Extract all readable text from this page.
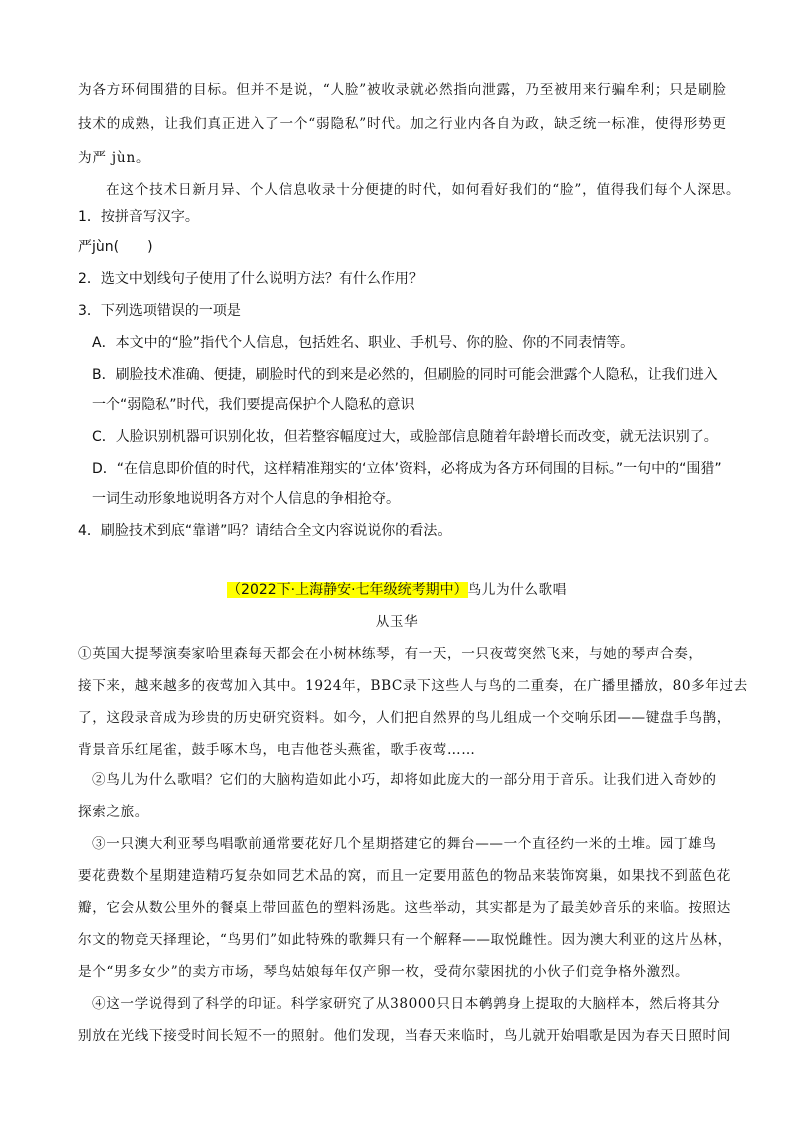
为各方环伺围猎的目标。但并不是说，“人脸”被收录就必然指向泄露，乃至被用来行骗牟利；只是刷脸
技术的成熟，让我们真正进入了一个“弱隐私”时代。加之行业内各自为政，缺乏统一标准，使得形势更
为严 jùn。
在这个技术日新月异、个人信息收录十分便捷的时代，如何看好我们的“脸”，值得我们每个人深思。
1．按拼音写汉字。
严jùn(　　)
2．选文中划线句子使用了什么说明方法？有什么作用？
3．下列选项错误的一项是
A．本文中的“脸”指代个人信息，包括姓名、职业、手机号、你的脸、你的不同表情等。
B．刷脸技术准确、便捷，刷脸时代的到来是必然的，但刷脸的同时可能会泄露个人隐私，让我们进入
一个“弱隐私”时代，我们要提高保护个人隐私的意识
C．人脸识别机器可识别化妆，但若整容幅度过大，或脸部信息随着年龄增长而改变，就无法识别了。
D．“在信息即价值的时代，这样精准翔实的‘立体’资料，必将成为各方环伺围的目标。”一句中的“围猎”
一词生动形象地说明各方对个人信息的争相抢夺。
4．刷脸技术到底“靠谱”吗？请结合全文内容说说你的看法。
（2022下·上海静安·七年级统考期中）鸟儿为什么歌唱
从玉华
①英国大提琴演奏家哈里森每天都会在小树林练琴，有一天，一只夜莺突然飞来，与她的琴声合奏，
接下来，越来越多的夜莺加入其中。1924年，BBC录下这些人与鸟的二重奏，在广播里播放，80多年过去
了，这段录音成为珍贵的历史研究资料。如今，人们把自然界的鸟儿组成一个交响乐团——键盘手鸟鹊，
背景音乐红尾雀，鼓手啄木鸟，电吉他苍头燕雀，歌手夜莺……
②鸟儿为什么歌唱？它们的大脑构造如此小巧，却将如此庞大的一部分用于音乐。让我们进入奇妙的
探索之旅。
③一只澳大利亚琴鸟唱歌前通常要花好几个星期搭建它的舞台——一个直径约一米的土堆。园丁雄鸟
要花费数个星期建造精巧复杂如同艺术品的窝，而且一定要用蓝色的物品来装饰窝巢，如果找不到蓝色花
瓣，它会从数公里外的餐桌上带回蓝色的塑料汤匙。这些举动，其实都是为了最美妙音乐的来临。按照达
尔文的物竞天择理论，“鸟男们”如此特殊的歌舞只有一个解释——取悦雌性。因为澳大利亚的这片丛林，
是个“男多女少”的卖方市场，琴鸟姑娘每年仅产卵一枚，受荷尔蒙困扰的小伙子们竞争格外激烈。
④这一学说得到了科学的印证。科学家研究了从38000只日本鹌鹑身上提取的大脑样本，然后将其分
别放在光线下接受时间长短不一的照射。他们发现，当春天来临时，鸟儿就开始唱歌是因为春天日照时间
